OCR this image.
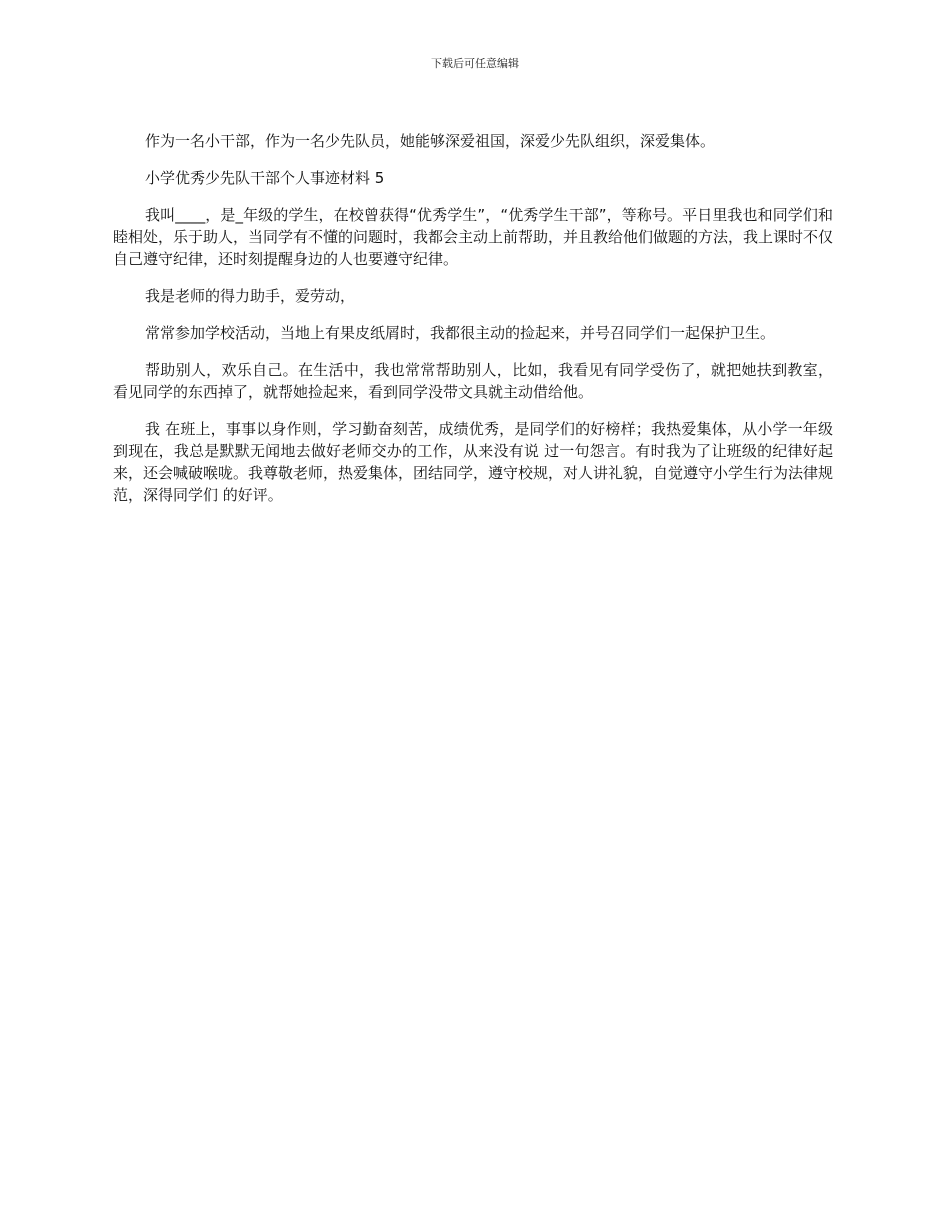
下载后可任意编辑

作为一名小干部，作为一名少先队员，她能够深爱祖国，深爱少先队组织，深爱集体。

小学优秀少先队干部个人事迹材料 5

我叫____，是_年级的学生，在校曾获得“优秀学生”，“优秀学生干部”，等称号。平日里我也和同学们和睦相处，乐于助人，当同学有不懂的问题时，我都会主动上前帮助，并且教给他们做题的方法，我上课时不仅自己遵守纪律，还时刻提醒身边的人也要遵守纪律。

我是老师的得力助手，爱劳动，

常常参加学校活动，当地上有果皮纸屑时，我都很主动的捡起来，并号召同学们一起保护卫生。

帮助别人，欢乐自己。在生活中，我也常常帮助别人，比如，我看见有同学受伤了，就把她扶到教室，看见同学的东西掉了，就帮她捡起来，看到同学没带文具就主动借给他。

我 在班上，事事以身作则，学习勤奋刻苦，成绩优秀，是同学们的好榜样；我热爱集体，从小学一年级到现在，我总是默默无闻地去做好老师交办的工作，从来没有说 过一句怨言。有时我为了让班级的纪律好起来，还会喊破喉咙。我尊敬老师，热爱集体，团结同学，遵守校规，对人讲礼貌，自觉遵守小学生行为法律规范，深得同学们 的好评。
